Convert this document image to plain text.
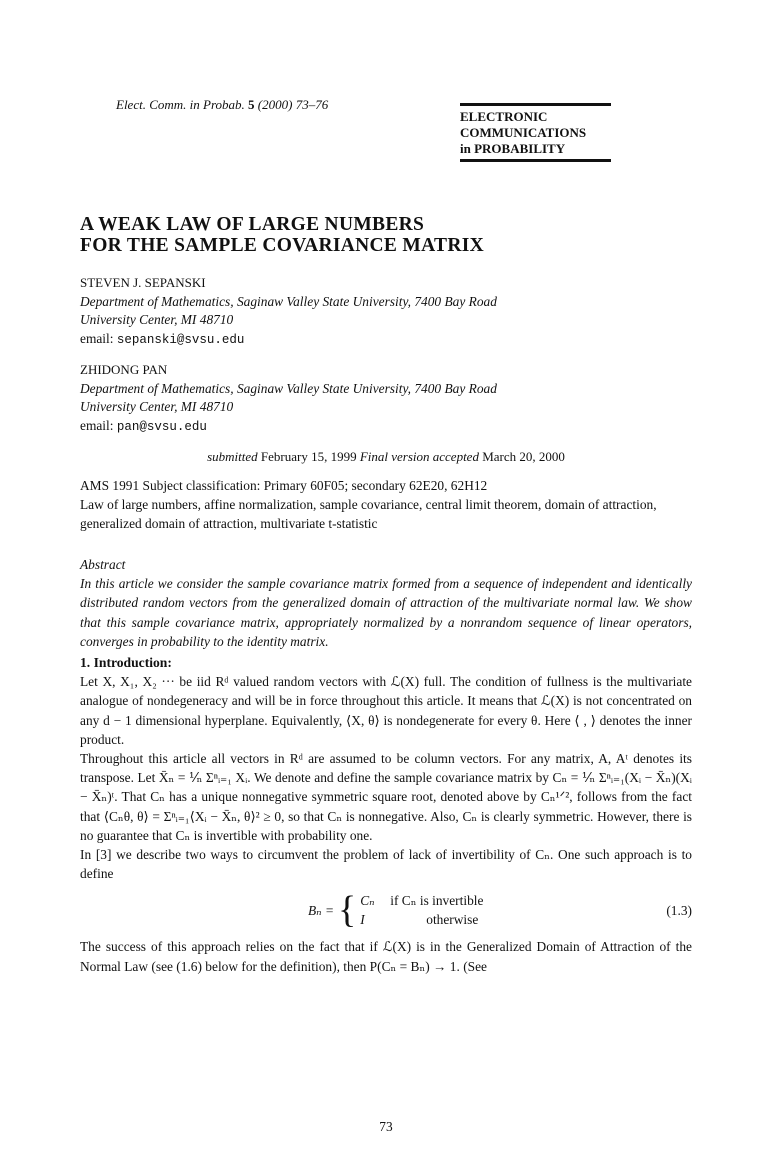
Elect. Comm. in Probab. 5 (2000) 73–76
ELECTRONIC
COMMUNICATIONS
in PROBABILITY
A WEAK LAW OF LARGE NUMBERS
FOR THE SAMPLE COVARIANCE MATRIX
STEVEN J. SEPANSKI
Department of Mathematics, Saginaw Valley State University, 7400 Bay Road
University Center, MI 48710
email: sepanski@svsu.edu
ZHIDONG PAN
Department of Mathematics, Saginaw Valley State University, 7400 Bay Road
University Center, MI 48710
email: pan@svsu.edu
submitted February 15, 1999 Final version accepted March 20, 2000
AMS 1991 Subject classification: Primary 60F05; secondary 62E20, 62H12
Law of large numbers, affine normalization, sample covariance, central limit theorem, domain of attraction, generalized domain of attraction, multivariate t-statistic
Abstract
In this article we consider the sample covariance matrix formed from a sequence of independent and identically distributed random vectors from the generalized domain of attraction of the multivariate normal law. We show that this sample covariance matrix, appropriately normalized by a nonrandom sequence of linear operators, converges in probability to the identity matrix.
1. Introduction:

Let X, X₁, X₂ ··· be iid Rᵈ valued random vectors with ℒ(X) full. The condition of fullness is the multivariate analogue of nondegeneracy and will be in force throughout this article. It means that ℒ(X) is not concentrated on any d − 1 dimensional hyperplane. Equivalently, ⟨X, θ⟩ is nondegenerate for every θ. Here ⟨ , ⟩ denotes the inner product.

Throughout this article all vectors in Rᵈ are assumed to be column vectors. For any matrix, A, Aᵗ denotes its transpose. Let X̄ₙ = ⅟ₙ Σⁿᵢ₌₁ Xᵢ. We denote and define the sample covariance matrix by Cₙ = ⅟ₙ Σⁿᵢ₌₁(Xᵢ − X̄ₙ)(Xᵢ − X̄ₙ)ᵗ. That Cₙ has a unique nonnegative symmetric square root, denoted above by Cₙ¹ᐟ², follows from the fact that ⟨Cₙθ, θ⟩ = Σⁿᵢ₌₁⟨Xᵢ − X̄ₙ, θ⟩² ≥ 0, so that Cₙ is nonnegative. Also, Cₙ is clearly symmetric. However, there is no guarantee that Cₙ is invertible with probability one.

In [3] we describe two ways to circumvent the problem of lack of invertibility of Cₙ. One such approach is to define

Bₙ = { Cₙ if Cₙ is invertible
I	otherwise
(1.3)
The success of this approach relies on the fact that if ℒ(X) is in the Generalized Domain of Attraction of the Normal Law (see (1.6) below for the definition), then P(Cₙ = Bₙ) → 1. (See
73
